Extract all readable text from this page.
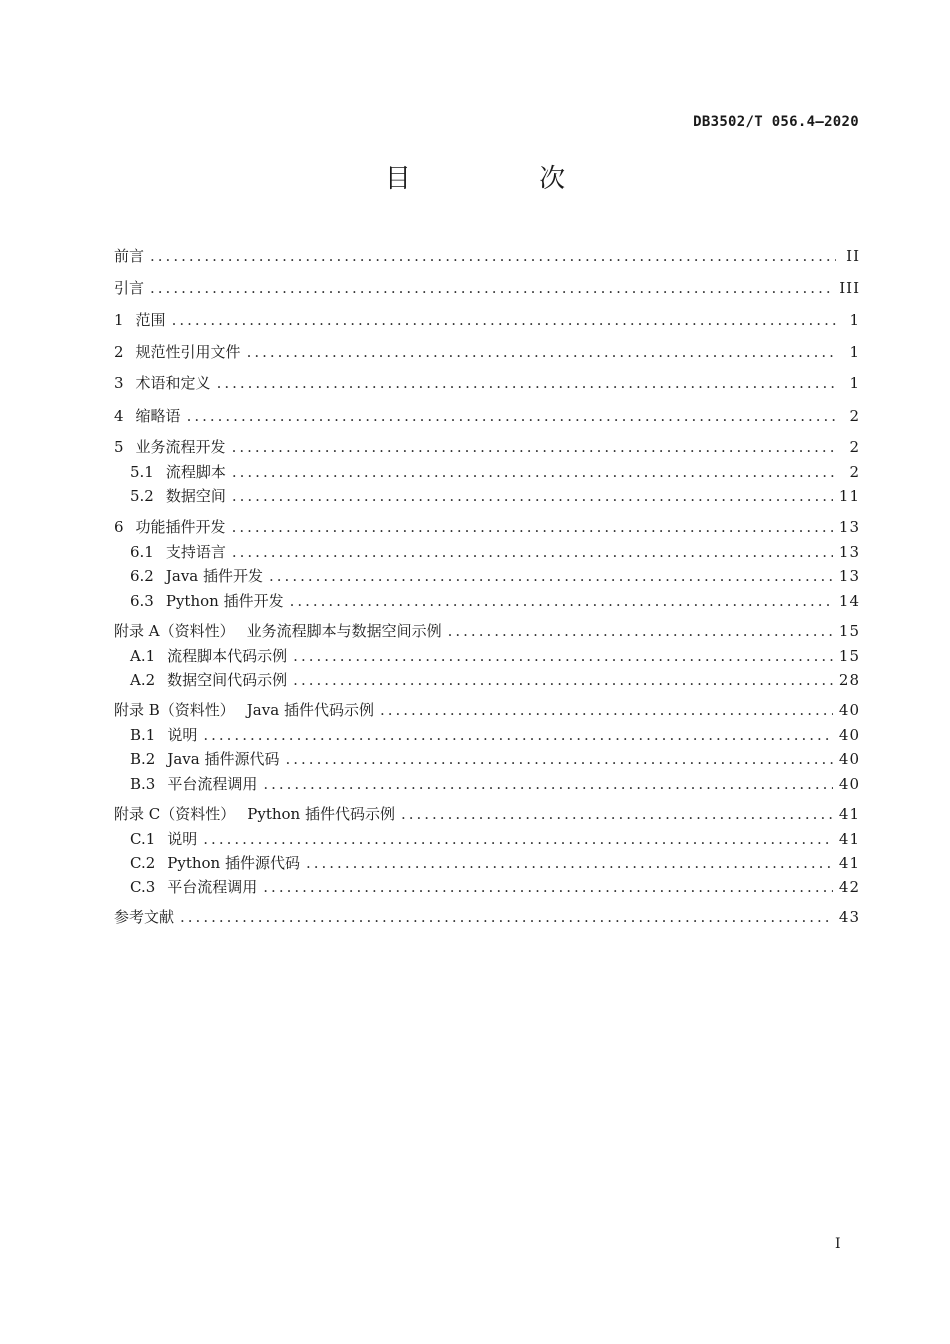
DB3502/T 056.4—2020
目 次
前言 .....	II
引言 .....	III
1 范围 .....	1
2 规范性引用文件 .....	1
3 术语和定义 .....	1
4 缩略语 .....	2
5 业务流程开发 .....	2
5.1 流程脚本 .....	2
5.2 数据空间 .....	11
6 功能插件开发 .....	13
6.1 支持语言 .....	13
6.2 Java 插件开发 .....	13
6.3 Python 插件开发 .....	14
附录 A（资料性） 业务流程脚本与数据空间示例 .....	15
A.1 流程脚本代码示例 .....	15
A.2 数据空间代码示例 .....	28
附录 B（资料性） Java 插件代码示例 .....	40
B.1 说明 .....	40
B.2 Java 插件源代码 .....	40
B.3 平台流程调用 .....	40
附录 C（资料性） Python 插件代码示例 .....	41
C.1 说明 .....	41
C.2 Python 插件源代码 .....	41
C.3 平台流程调用 .....	42
参考文献 .....	43
I
